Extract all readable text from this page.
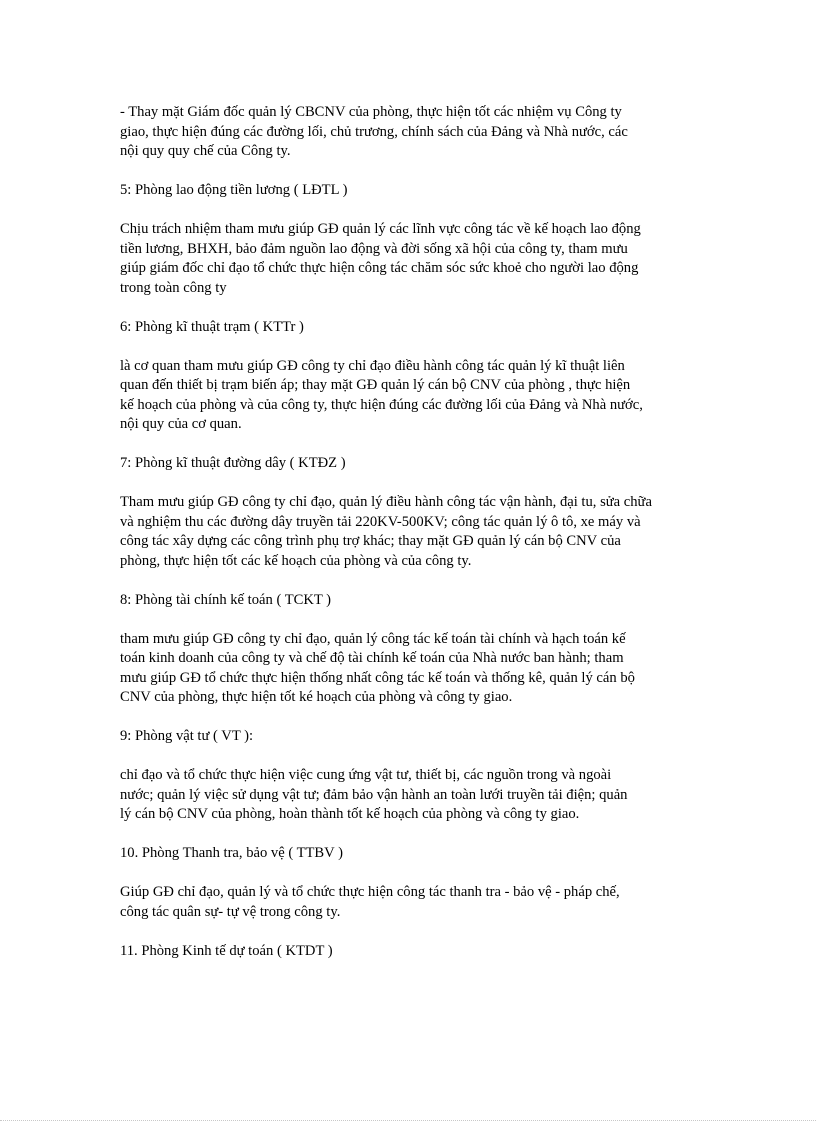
- Thay mặt Giám đốc quản lý CBCNV của phòng, thực hiện tốt các nhiệm vụ Công ty
giao, thực hiện đúng các đường lối, chủ trương, chính sách của Đảng và Nhà nước, các
nội quy quy chế của Công ty.
5: Phòng lao động tiền lương ( LĐTL )
Chịu trách nhiệm tham mưu giúp GĐ quản lý các lĩnh vực công tác về kế hoạch lao động
tiền lương, BHXH, bảo đảm nguồn lao động và đời sống xã hội của công ty, tham mưu
giúp giám đốc chỉ đạo tổ chức thực hiện công tác chăm sóc sức khoẻ cho người lao động
trong toàn công ty
6: Phòng kĩ thuật trạm ( KTTr )
là cơ quan tham mưu giúp GĐ công ty chỉ đạo điều hành công tác quản lý kĩ thuật liên
quan đến thiết bị trạm biến áp; thay mặt GĐ quản lý cán bộ CNV của phòng , thực hiện
kế hoạch của phòng và của công ty, thực hiện đúng các đường lối của Đảng và Nhà nước,
nội quy của cơ quan.
7: Phòng kĩ thuật đường dây ( KTĐZ )
Tham mưu giúp GĐ công ty chỉ đạo, quản lý điều hành công tác vận hành, đại tu, sửa chữa
và nghiệm thu các đường dây truyền tải 220KV-500KV; công tác quản lý ô tô, xe máy và
công tác xây dựng các công trình phụ trợ khác; thay mặt GĐ quản lý cán bộ CNV của
phòng, thực hiện tốt các kế hoạch của phòng và của công ty.
8: Phòng tài chính kế toán ( TCKT )
tham mưu giúp GĐ công ty chỉ đạo, quản lý công tác kế toán tài chính và hạch toán kế
toán kinh doanh của công ty và chế độ tài chính kế toán của Nhà nước ban hành; tham
mưu giúp GĐ tổ chức thực hiện thống nhất công tác kế toán và thống kê, quản lý cán bộ
CNV của phòng, thực hiện tốt ké hoạch của phòng và công ty giao.
9: Phòng vật tư ( VT ):
chỉ đạo và tổ chức thực hiện việc cung ứng vật tư, thiết bị, các nguồn trong và ngoài
nước; quản lý việc sử dụng vật tư; đảm bảo vận hành an toàn lưới truyền tải điện; quản
lý cán bộ CNV của phòng, hoàn thành tốt kế hoạch của phòng và công ty giao.
10. Phòng Thanh tra, bảo vệ ( TTBV )
Giúp GĐ chỉ đạo, quản lý và tổ chức thực hiện công tác thanh tra - bảo vệ - pháp chế,
công tác quân sự- tự vệ trong công ty.
11. Phòng Kinh tế dự toán ( KTDT )
